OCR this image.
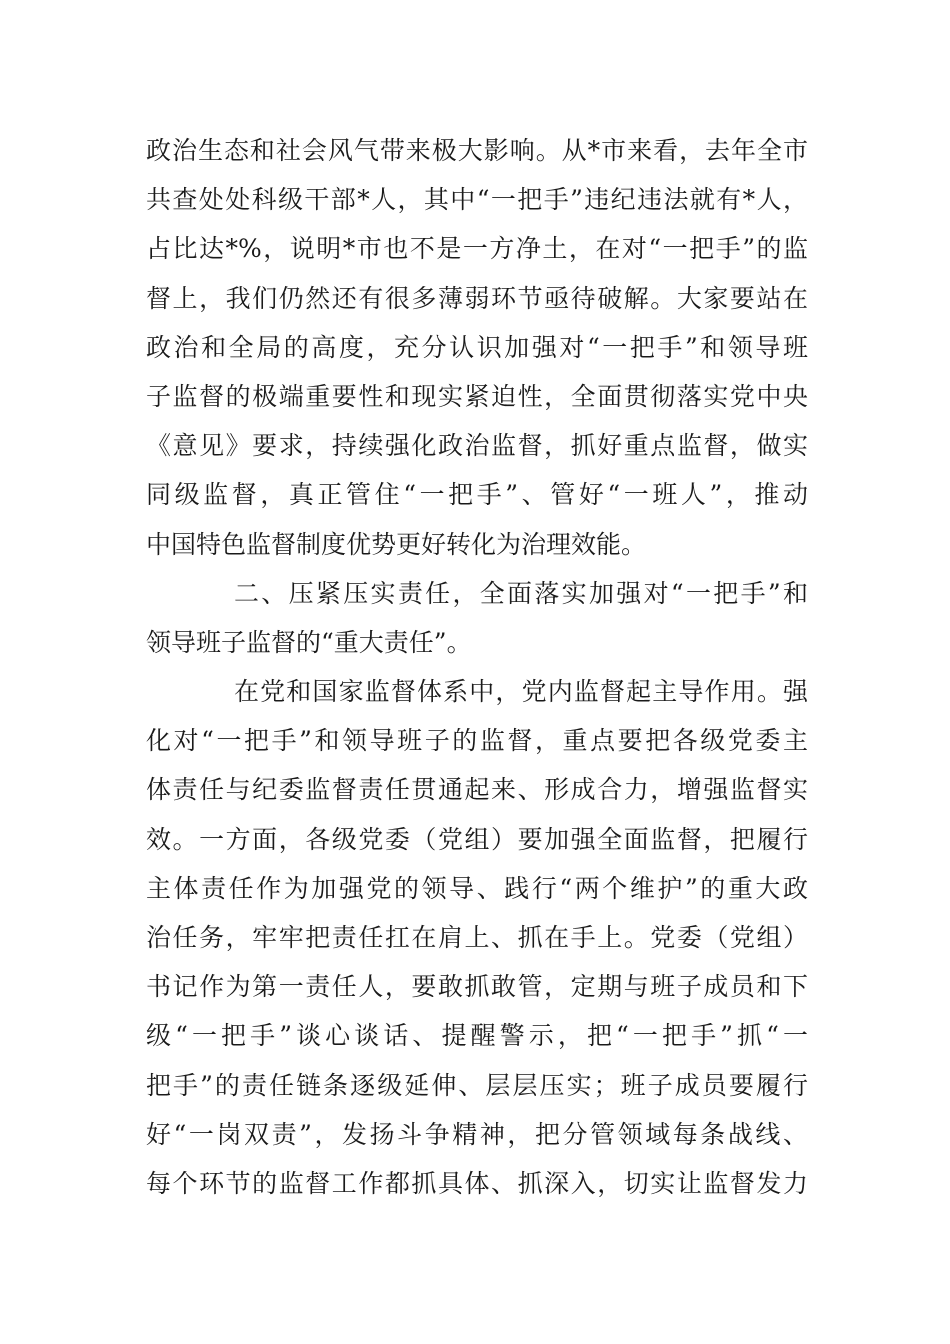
政治生态和社会风气带来极大影响。从*市来看，去年全市
共查处处科级干部*人，其中“一把手”违纪违法就有*人，
占比达*%，说明*市也不是一方净土，在对“一把手”的监
督上，我们仍然还有很多薄弱环节亟待破解。大家要站在
政治和全局的高度，充分认识加强对“一把手”和领导班
子监督的极端重要性和现实紧迫性，全面贯彻落实党中央
《意见》要求，持续强化政治监督，抓好重点监督，做实
同级监督，真正管住“一把手”、管好“一班人”，推动
中国特色监督制度优势更好转化为治理效能。
二、压紧压实责任，全面落实加强对“一把手”和
领导班子监督的“重大责任”。
在党和国家监督体系中，党内监督起主导作用。强
化对“一把手”和领导班子的监督，重点要把各级党委主
体责任与纪委监督责任贯通起来、形成合力，增强监督实
效。一方面，各级党委（党组）要加强全面监督，把履行
主体责任作为加强党的领导、践行“两个维护”的重大政
治任务，牢牢把责任扛在肩上、抓在手上。党委（党组）
书记作为第一责任人，要敢抓敢管，定期与班子成员和下
级“一把手”谈心谈话、提醒警示，把“一把手”抓“一
把手”的责任链条逐级延伸、层层压实；班子成员要履行
好“一岗双责”，发扬斗争精神，把分管领域每条战线、
每个环节的监督工作都抓具体、抓深入，切实让监督发力
